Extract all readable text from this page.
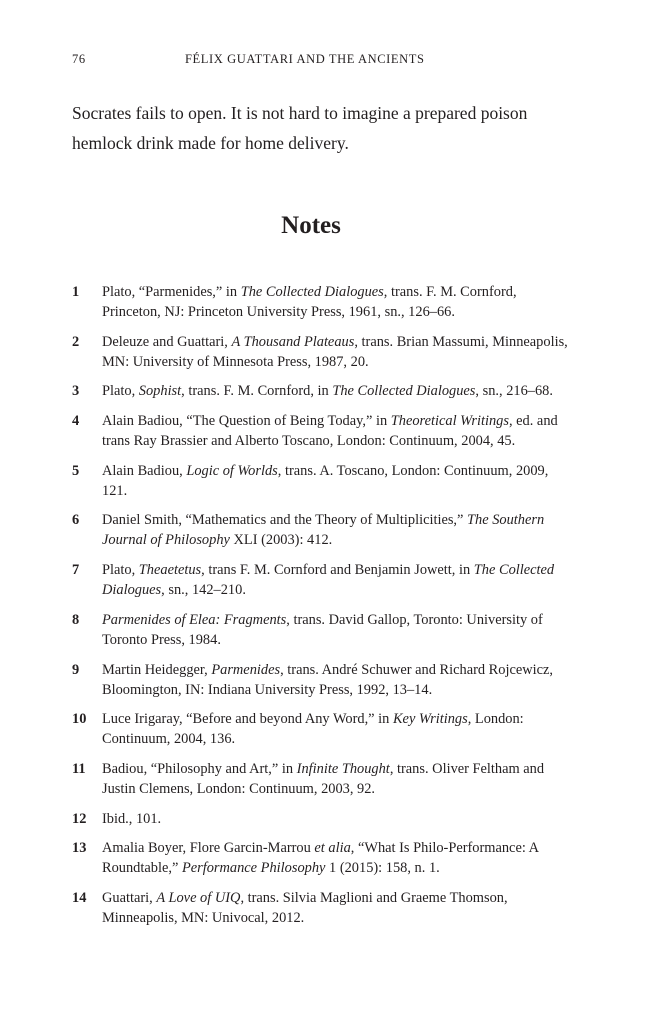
76	FÉLIX GUATTARI AND THE ANCIENTS

Socrates fails to open. It is not hard to imagine a prepared poison
hemlock drink made for home delivery.

Notes
1 Plato, “Parmenides,” in The Collected Dialogues, trans. F. M. Cornford, Princeton, NJ: Princeton University Press, 1961, sn., 126–66.
2 Deleuze and Guattari, A Thousand Plateaus, trans. Brian Massumi, Minneapolis, MN: University of Minnesota Press, 1987, 20.
3 Plato, Sophist, trans. F. M. Cornford, in The Collected Dialogues, sn., 216–68.
4 Alain Badiou, “The Question of Being Today,” in Theoretical Writings, ed. and trans Ray Brassier and Alberto Toscano, London: Continuum, 2004, 45.
5 Alain Badiou, Logic of Worlds, trans. A. Toscano, London: Continuum, 2009, 121.
6 Daniel Smith, “Mathematics and the Theory of Multiplicities,” The Southern Journal of Philosophy XLI (2003): 412.
7 Plato, Theaetetus, trans F. M. Cornford and Benjamin Jowett, in The Collected Dialogues, sn., 142–210.
8 Parmenides of Elea: Fragments, trans. David Gallop, Toronto: University of Toronto Press, 1984.
9 Martin Heidegger, Parmenides, trans. André Schuwer and Richard Rojcewicz, Bloomington, IN: Indiana University Press, 1992, 13–14.
10 Luce Irigaray, “Before and beyond Any Word,” in Key Writings, London: Continuum, 2004, 136.
11 Badiou, “Philosophy and Art,” in Infinite Thought, trans. Oliver Feltham and Justin Clemens, London: Continuum, 2003, 92.
12 Ibid., 101.
13 Amalia Boyer, Flore Garcin-Marrou et alia, “What Is Philo-Performance: A Roundtable,” Performance Philosophy 1 (2015): 158, n. 1.
14 Guattari, A Love of UIQ, trans. Silvia Maglioni and Graeme Thomson, Minneapolis, MN: Univocal, 2012.
